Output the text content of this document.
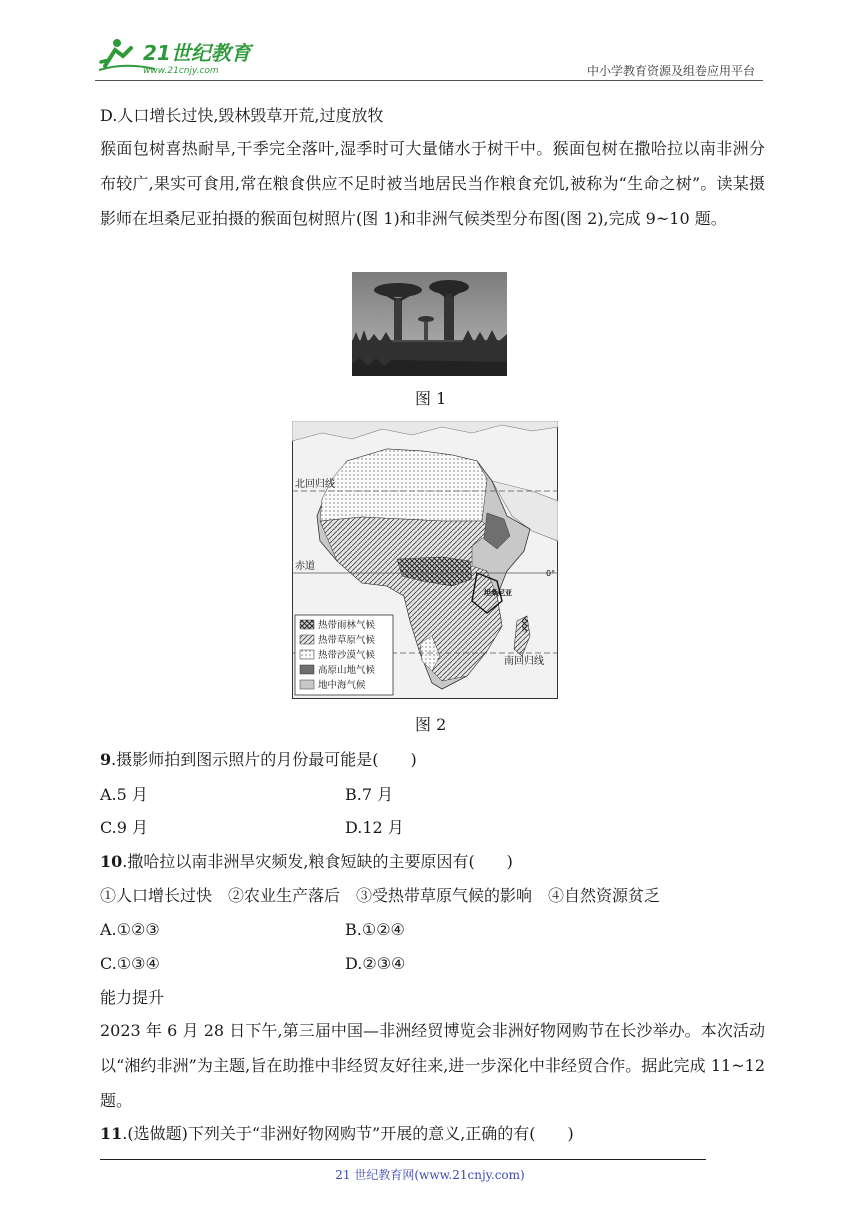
21世纪教育
www.21cnjy.com	中小学教育资源及组卷应用平台
D.人口增长过快,毁林毁草开荒,过度放牧
猴面包树喜热耐旱,干季完全落叶,湿季时可大量储水于树干中。猴面包树在撒哈拉以南非洲分布较广,果实可食用,常在粮食供应不足时被当地居民当作粮食充饥,被称为“生命之树”。读某摄影师在坦桑尼亚拍摄的猴面包树照片(图 1)和非洲气候类型分布图(图 2),完成 9~10 题。
图 1
北回归线
赤道
0°
坦桑尼亚
南回归线
热带雨林气候
热带草原气候
热带沙漠气候
高原山地气候
地中海气候
图 2
9.摄影师拍到图示照片的月份最可能是(　　)
A.5 月	B.7 月
C.9 月	D.12 月
10.撒哈拉以南非洲旱灾频发,粮食短缺的主要原因有(　　)
①人口增长过快　②农业生产落后　③受热带草原气候的影响　④自然资源贫乏
A.①②③	B.①②④
C.①③④	D.②③④
能力提升
2023 年 6 月 28 日下午,第三届中国—非洲经贸博览会非洲好物网购节在长沙举办。本次活动以“湘约非洲”为主题,旨在助推中非经贸友好往来,进一步深化中非经贸合作。据此完成 11~12 题。
11.(选做题)下列关于“非洲好物网购节”开展的意义,正确的有(　　)
21 世纪教育网(www.21cnjy.com)
